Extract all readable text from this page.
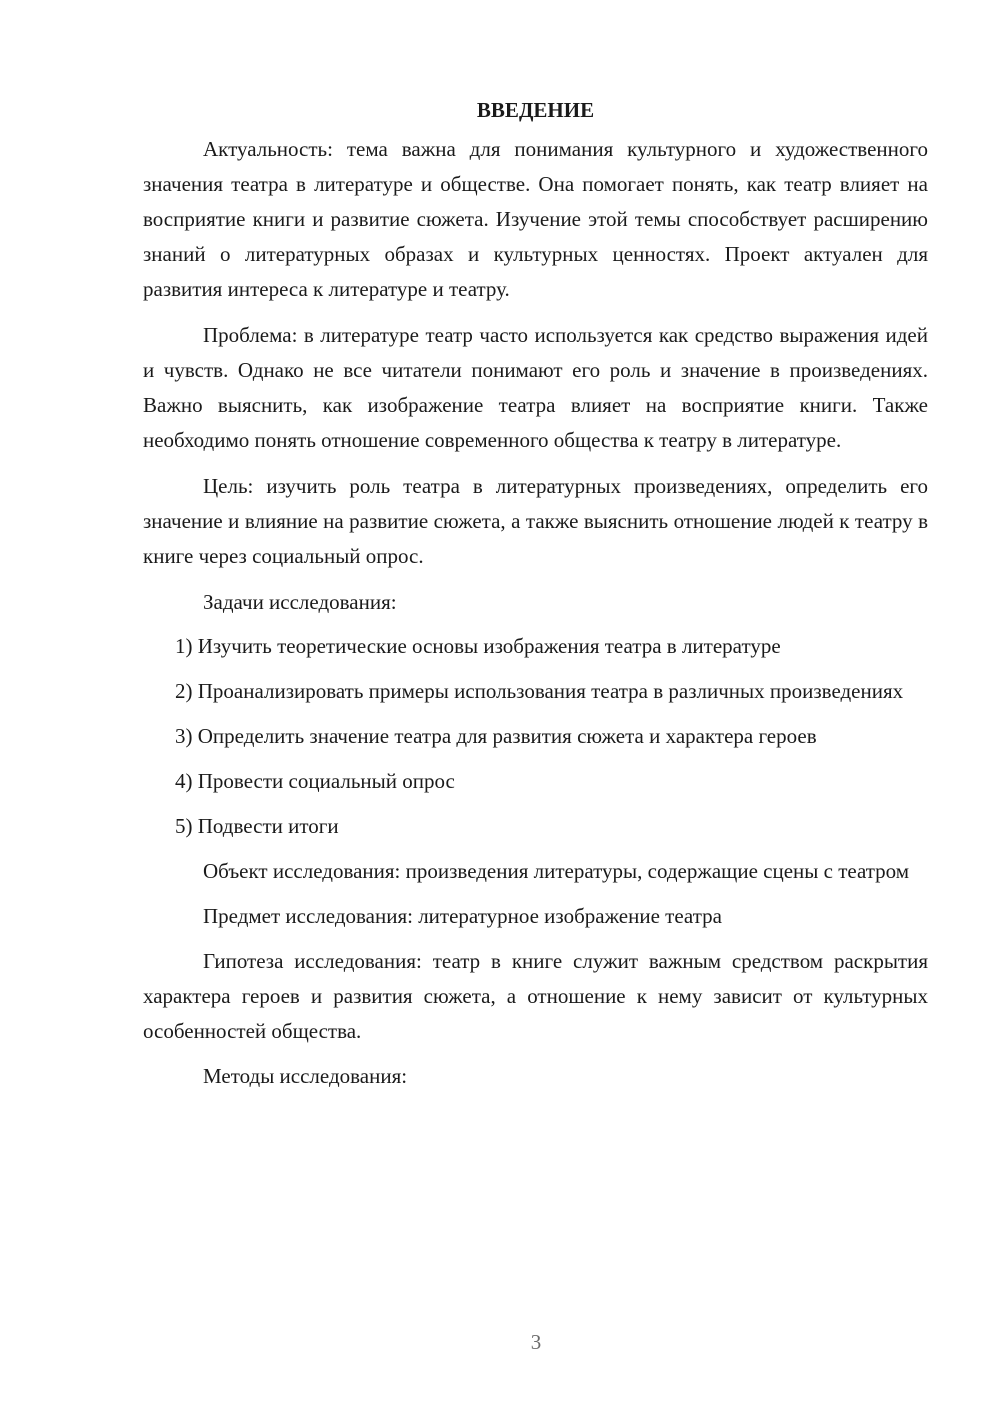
ВВЕДЕНИЕ

Актуальность: тема важна для понимания культурного и художественного значения театра в литературе и обществе. Она помогает понять, как театр влияет на восприятие книги и развитие сюжета. Изучение этой темы способствует расширению знаний о литературных образах и культурных ценностях. Проект актуален для развития интереса к литературе и театру.

Проблема: в литературе театр часто используется как средство выражения идей и чувств. Однако не все читатели понимают его роль и значение в произведениях. Важно выяснить, как изображение театра влияет на восприятие книги. Также необходимо понять отношение современного общества к театру в литературе.

Цель: изучить роль театра в литературных произведениях, определить его значение и влияние на развитие сюжета, а также выяснить отношение людей к театру в книге через социальный опрос.

Задачи исследования:

1) Изучить теоретические основы изображения театра в литературе

2) Проанализировать примеры использования театра в различных произведениях

3) Определить значение театра для развития сюжета и характера героев

4) Провести социальный опрос

5) Подвести итоги

Объект исследования: произведения литературы, содержащие сцены с театром

Предмет исследования: литературное изображение театра

Гипотеза исследования: театр в книге служит важным средством раскрытия характера героев и развития сюжета, а отношение к нему зависит от культурных особенностей общества.

Методы исследования:

3
